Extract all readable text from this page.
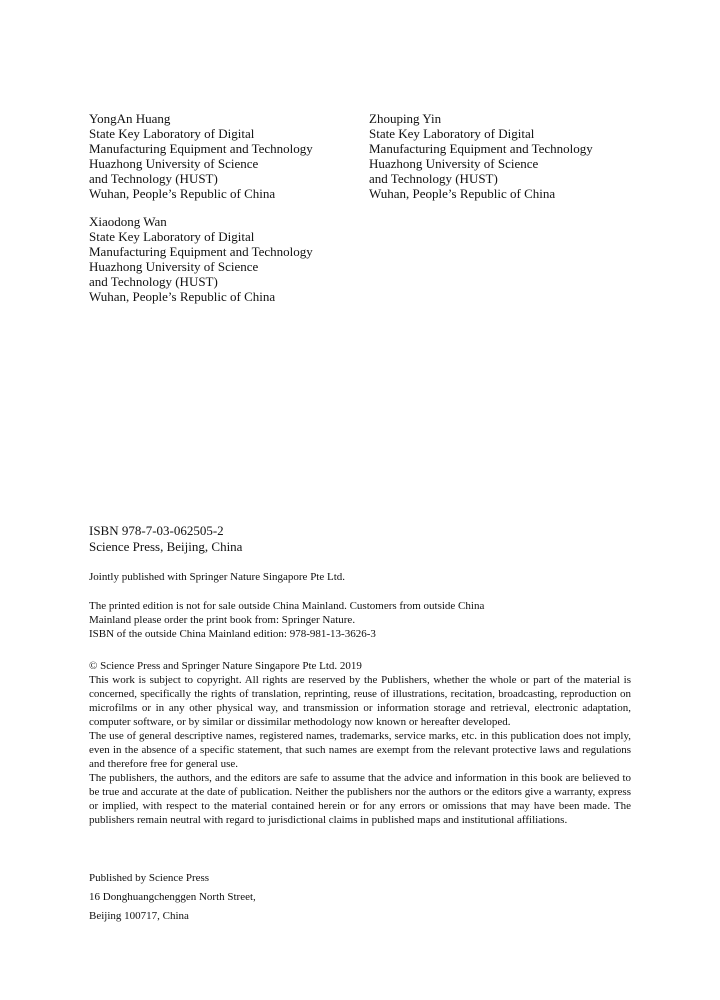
YongAn Huang
State Key Laboratory of Digital
Manufacturing Equipment and Technology
Huazhong University of Science
and Technology (HUST)
Wuhan, People’s Republic of China
Zhouping Yin
State Key Laboratory of Digital
Manufacturing Equipment and Technology
Huazhong University of Science
and Technology (HUST)
Wuhan, People’s Republic of China
Xiaodong Wan
State Key Laboratory of Digital
Manufacturing Equipment and Technology
Huazhong University of Science
and Technology (HUST)
Wuhan, People’s Republic of China
ISBN 978-7-03-062505-2
Science Press, Beijing, China
Jointly published with Springer Nature Singapore Pte Ltd.
The printed edition is not for sale outside China Mainland. Customers from outside China
Mainland please order the print book from: Springer Nature.
ISBN of the outside China Mainland edition: 978-981-13-3626-3
© Science Press and Springer Nature Singapore Pte Ltd. 2019
This work is subject to copyright. All rights are reserved by the Publishers, whether the whole or part of the material is concerned, specifically the rights of translation, reprinting, reuse of illustrations, recitation, broadcasting, reproduction on microfilms or in any other physical way, and transmission or information storage and retrieval, electronic adaptation, computer software, or by similar or dissimilar methodology now known or hereafter developed.
The use of general descriptive names, registered names, trademarks, service marks, etc. in this publication does not imply, even in the absence of a specific statement, that such names are exempt from the relevant protective laws and regulations and therefore free for general use.
The publishers, the authors, and the editors are safe to assume that the advice and information in this book are believed to be true and accurate at the date of publication. Neither the publishers nor the authors or the editors give a warranty, express or implied, with respect to the material contained herein or for any errors or omissions that may have been made. The publishers remain neutral with regard to jurisdictional claims in published maps and institutional affiliations.
Published by Science Press
16 Donghuangchenggen North Street,
Beijing 100717, China
